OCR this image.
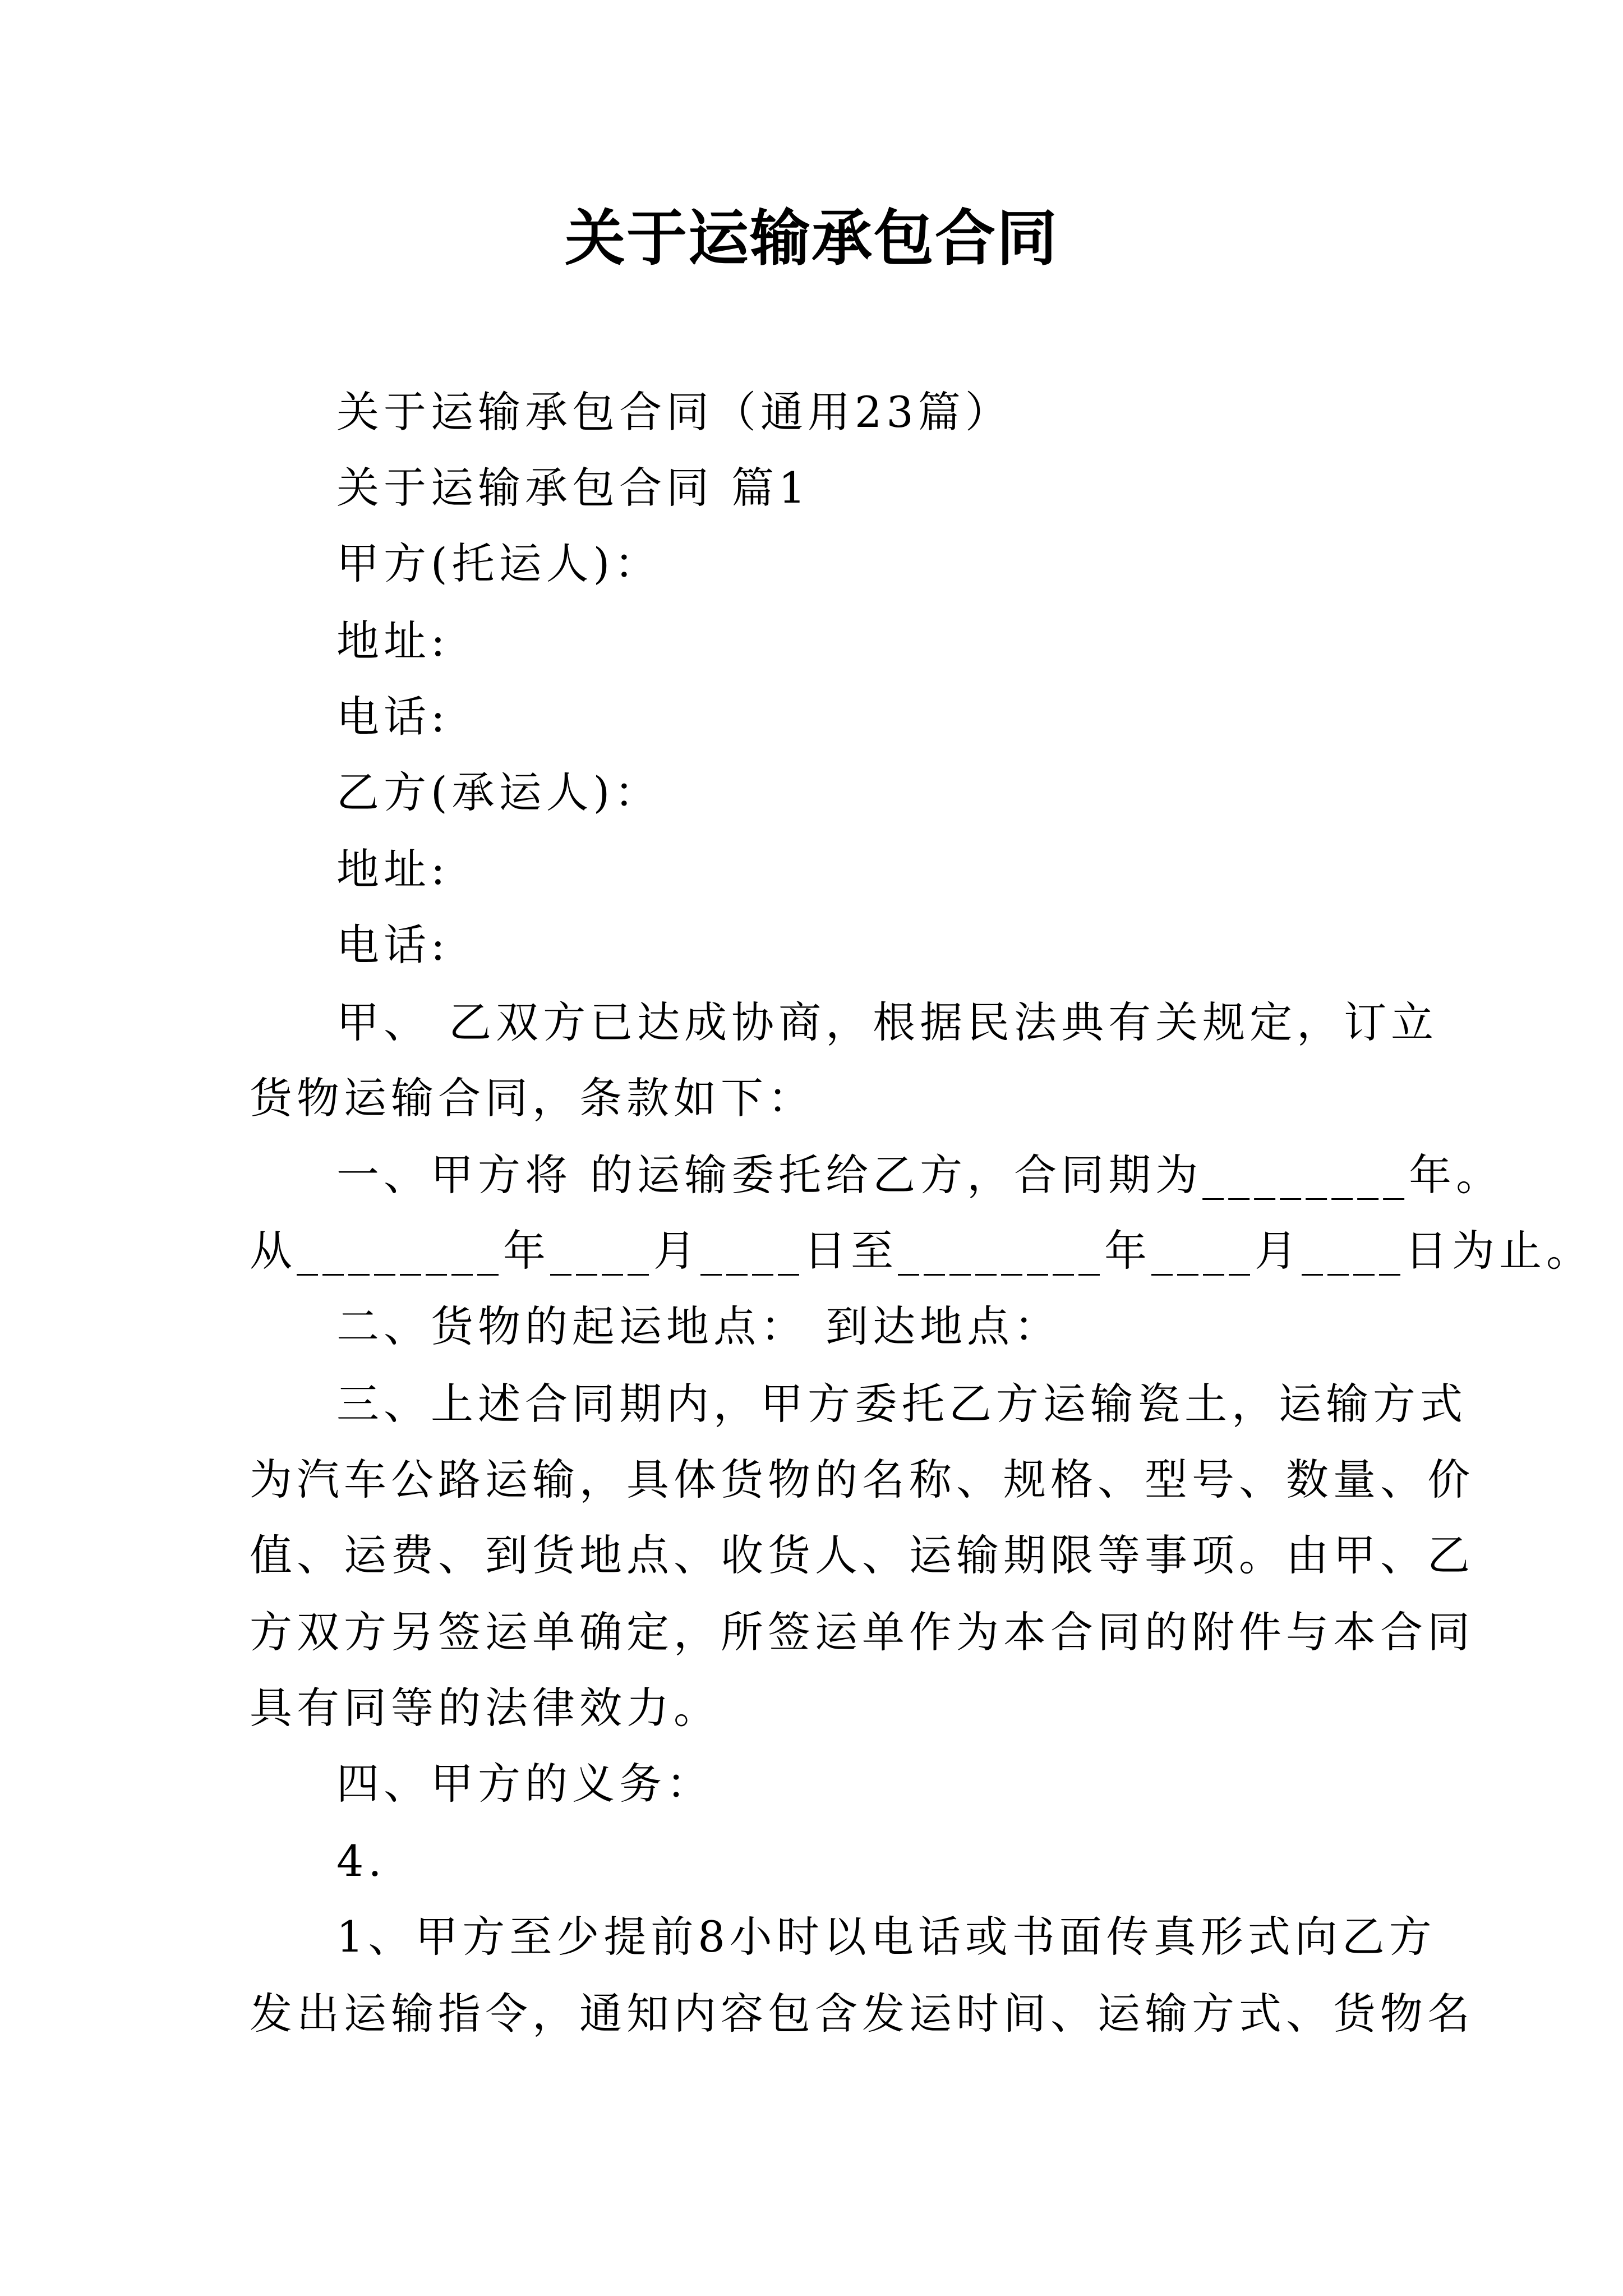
关于运输承包合同
关于运输承包合同（通用23篇）
关于运输承包合同 篇1
甲方(托运人)：
地址:
电话:
乙方(承运人)：
地址:
电话:
甲、 乙双方已达成协商，根据民法典有关规定，订立
货物运输合同，条款如下：
一、甲方将 的运输委托给乙方，合同期为________年。
从________年____月____日至________年____月____日为止。
二、货物的起运地点： 到达地点：
三、上述合同期内，甲方委托乙方运输瓷土，运输方式
为汽车公路运输，具体货物的名称、规格、型号、数量、价
值、运费、到货地点、收货人、运输期限等事项。由甲、乙
方双方另签运单确定，所签运单作为本合同的附件与本合同
具有同等的法律效力。
四、甲方的义务：
4.
1、甲方至少提前8小时以电话或书面传真形式向乙方
发出运输指令，通知内容包含发运时间、运输方式、货物名
